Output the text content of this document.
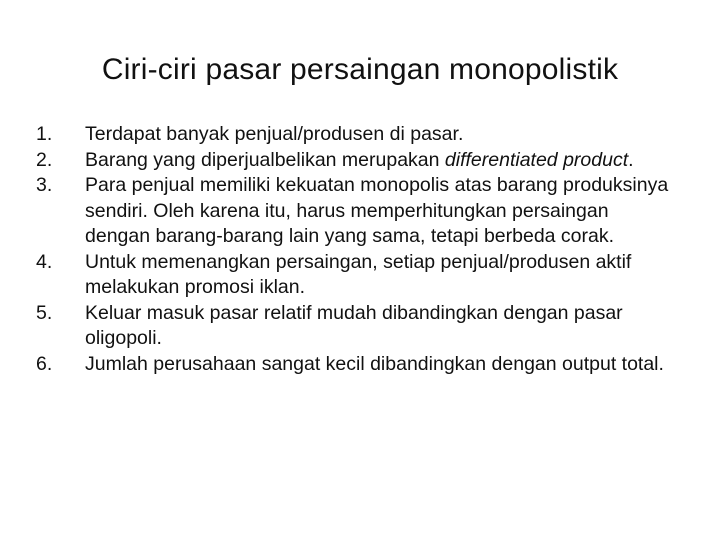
Ciri-ciri pasar persaingan monopolistik
1.	Terdapat banyak penjual/produsen di pasar.
2.	Barang yang diperjualbelikan merupakan differentiated product.
3.	Para penjual memiliki kekuatan monopolis atas barang produksinya sendiri. Oleh karena itu, harus memperhitungkan persaingan dengan barang-barang lain yang sama, tetapi berbeda corak.
4.	Untuk memenangkan persaingan, setiap penjual/produsen aktif melakukan promosi iklan.
5.	Keluar masuk pasar relatif mudah dibandingkan dengan pasar oligopoli.
6.	Jumlah perusahaan sangat kecil dibandingkan dengan output total.
